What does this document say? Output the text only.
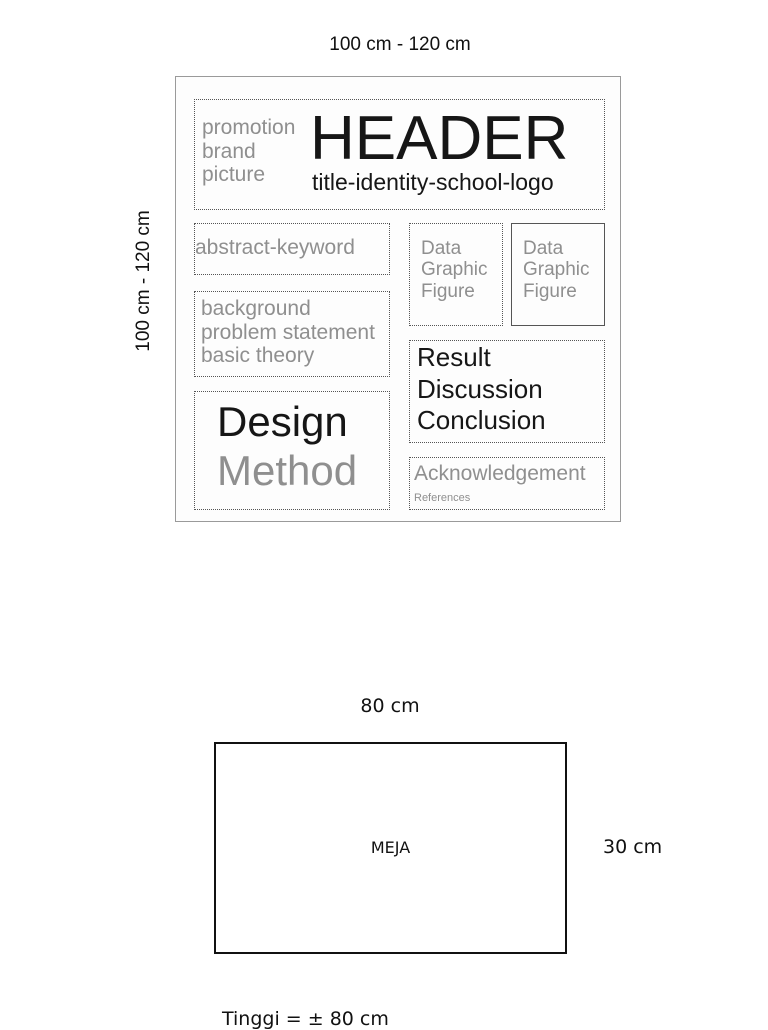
100 cm - 120 cm
100 cm - 120 cm
promotion
brand
picture
HEADER
title-identity-school-logo
abstract-keyword
background
problem statement
basic theory
Design
Method
Data
Graphic
Figure
Data
Graphic
Figure
Result
Discussion
Conclusion
Acknowledgement
References
80 cm
MEJA	30 cm
Tinggi = ± 80 cm
